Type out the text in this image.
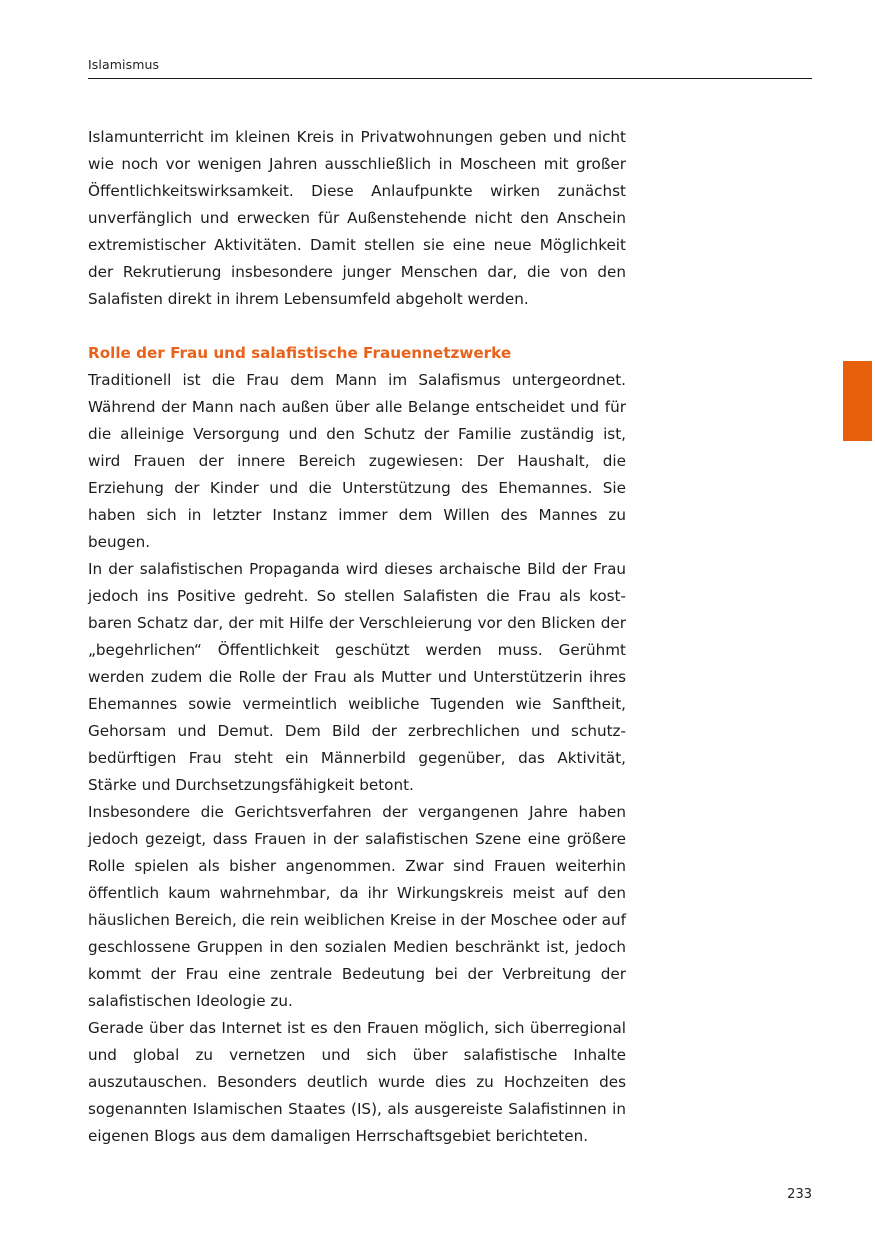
Islamismus

Islamunterricht im kleinen Kreis in Privatwohnungen geben und nicht wie noch vor wenigen Jahren ausschließlich in Moscheen mit großer Öffentlichkeitswirksamkeit. Diese Anlaufpunkte wirken zunächst unverfänglich und erwecken für Außenstehende nicht den Anschein extremistischer Aktivitäten. Damit stellen sie eine neue Möglichkeit der Rekrutierung insbesondere junger Menschen dar, die von den Salafisten direkt in ihrem Lebensumfeld abgeholt werden.

Rolle der Frau und salafistische Frauennetzwerke

Traditionell ist die Frau dem Mann im Salafismus untergeordnet. Während der Mann nach außen über alle Belange entscheidet und für die alleinige Versorgung und den Schutz der Familie zuständig ist, wird Frauen der innere Bereich zugewiesen: Der Haushalt, die Erziehung der Kinder und die Unterstützung des Ehemannes. Sie haben sich in letzter Instanz immer dem Willen des Mannes zu beugen.

In der salafistischen Propaganda wird dieses archaische Bild der Frau jedoch ins Positive gedreht. So stellen Salafisten die Frau als kostbaren Schatz dar, der mit Hilfe der Verschleierung vor den Blicken der „begehrlichen“ Öffentlichkeit geschützt werden muss. Gerühmt werden zudem die Rolle der Frau als Mutter und Unterstützerin ihres Ehemannes sowie vermeintlich weibliche Tugenden wie Sanftheit, Gehorsam und Demut. Dem Bild der zerbrechlichen und schutzbedürftigen Frau steht ein Männerbild gegenüber, das Aktivität, Stärke und Durchsetzungsfähigkeit betont.

Insbesondere die Gerichtsverfahren der vergangenen Jahre haben jedoch gezeigt, dass Frauen in der salafistischen Szene eine größere Rolle spielen als bisher angenommen. Zwar sind Frauen weiterhin öffentlich kaum wahrnehmbar, da ihr Wirkungskreis meist auf den häuslichen Bereich, die rein weiblichen Kreise in der Moschee oder auf geschlossene Gruppen in den sozialen Medien beschränkt ist, jedoch kommt der Frau eine zentrale Bedeutung bei der Verbreitung der salafistischen Ideologie zu.

Gerade über das Internet ist es den Frauen möglich, sich überregional und global zu vernetzen und sich über salafistische Inhalte auszutauschen. Besonders deutlich wurde dies zu Hochzeiten des sogenannten Islamischen Staates (IS), als ausgereiste Salafistinnen in eigenen Blogs aus dem damaligen Herrschaftsgebiet berichteten.

233
